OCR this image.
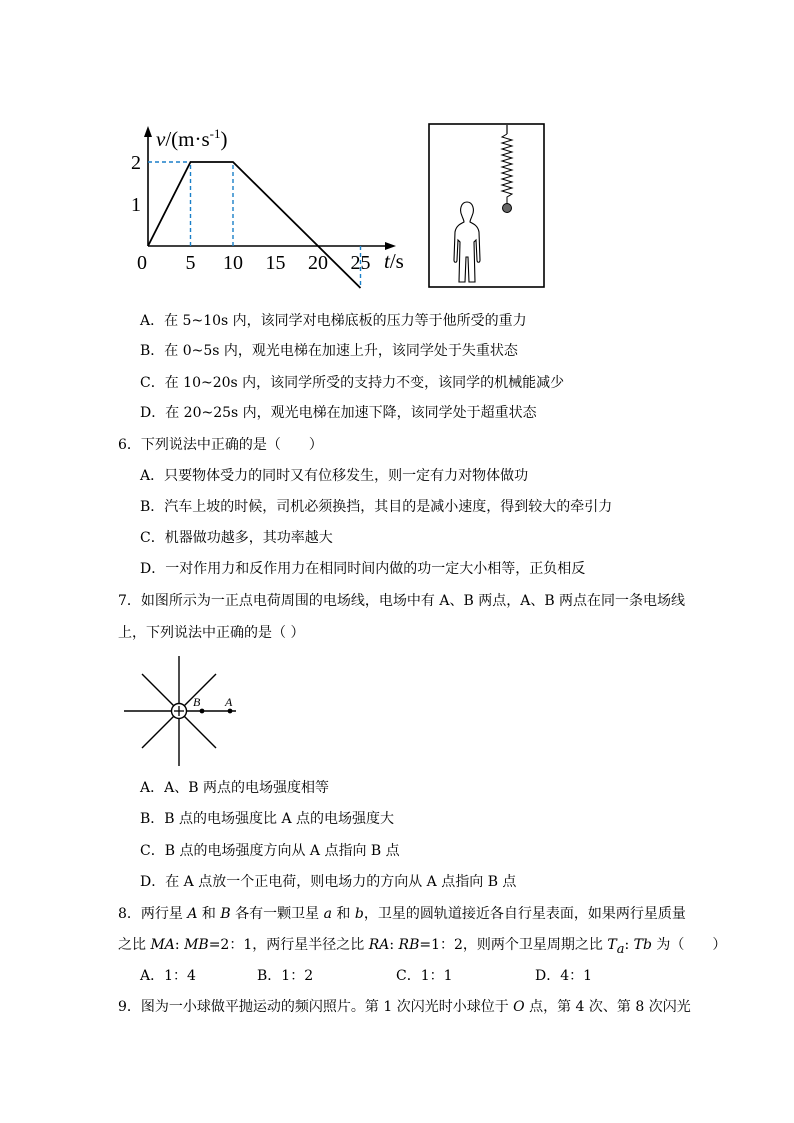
$v/(m\cdot s^{-1})$
t/s
0 5 10 15 20 25
2
1
A．在 5~10s 内，该同学对电梯底板的压力等于他所受的重力
B．在 0~5s 内，观光电梯在加速上升，该同学处于失重状态
C．在 10~20s 内，该同学所受的支持力不变，该同学的机械能减少
D．在 20~25s 内，观光电梯在加速下降，该同学处于超重状态
6．下列说法中正确的是（　　）
A．只要物体受力的同时又有位移发生，则一定有力对物体做功
B．汽车上坡的时候，司机必须换挡，其目的是减小速度，得到较大的牵引力
C．机器做功越多，其功率越大
D．一对作用力和反作用力在相同时间内做的功一定大小相等，正负相反
7．如图所示为一正点电荷周围的电场线，电场中有 A、B 两点，A、B 两点在同一条电场线
上，下列说法中正确的是（ ）
B A
A．A、B 两点的电场强度相等
B．B 点的电场强度比 A 点的电场强度大
C．B 点的电场强度方向从 A 点指向 B 点
D．在 A 点放一个正电荷，则电场力的方向从 A 点指向 B 点
8．两行星 A 和 B 各有一颗卫星 a 和 b，卫星的圆轨道接近各自行星表面，如果两行星质量
之比 MA: MB=2：1，两行星半径之比 RA: RB=1：2，则两个卫星周期之比 $T_a$: Tb 为（　　）
A．1：4	B．1：2	C．1：1	D．4：1
9．图为一小球做平抛运动的频闪照片。第 1 次闪光时小球位于 O 点，第 4 次、第 8 次闪光
